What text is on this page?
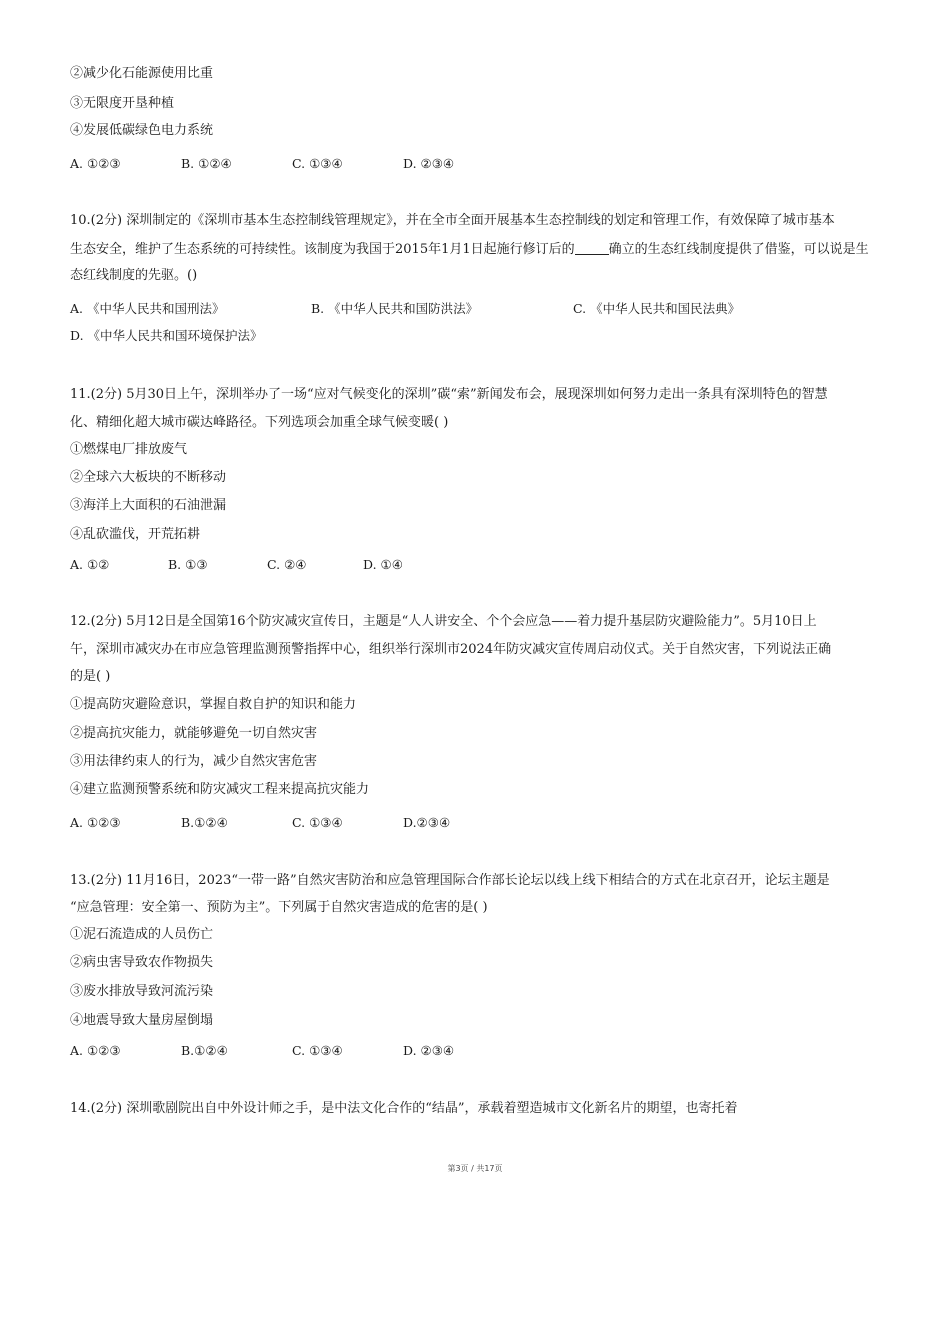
②减少化石能源使用比重
③无限度开垦种植
④发展低碳绿色电力系统
A. ①②③	B. ①②④	C. ①③④	D. ②③④
10.(2分) 深圳制定的《深圳市基本生态控制线管理规定》，并在全市全面开展基本生态控制线的划定和管理工作，有效保障了城市基本
生态安全，维护了生态系统的可持续性。该制度为我国于2015年1月1日起施行修订后的	确立的生态红线制度提供了借鉴，可以说是生
态红线制度的先驱。()
A. 《中华人民共和国刑法》	B. 《中华人民共和国防洪法》	C. 《中华人民共和国民法典》
D. 《中华人民共和国环境保护法》
11.(2分) 5月30日上午，深圳举办了一场“应对气候变化的深圳”碳“索”新闻发布会，展现深圳如何努力走出一条具有深圳特色的智慧
化、精细化超大城市碳达峰路径。下列选项会加重全球气候变暖( )
①燃煤电厂排放废气
②全球六大板块的不断移动
③海洋上大面积的石油泄漏
④乱砍滥伐，开荒拓耕
A. ①②	B. ①③	C. ②④	D. ①④
12.(2分) 5月12日是全国第16个防灾减灾宣传日，主题是“人人讲安全、个个会应急——着力提升基层防灾避险能力”。5月10日上
午，深圳市减灾办在市应急管理监测预警指挥中心，组织举行深圳市2024年防灾减灾宣传周启动仪式。关于自然灾害，下列说法正确
的是( )
①提高防灾避险意识，掌握自救自护的知识和能力
②提高抗灾能力，就能够避免一切自然灾害
③用法律约束人的行为，减少自然灾害危害
④建立监测预警系统和防灾减灾工程来提高抗灾能力
A. ①②③	B.①②④	C. ①③④	D.②③④
13.(2分) 11月16日，2023“一带一路”自然灾害防治和应急管理国际合作部长论坛以线上线下相结合的方式在北京召开，论坛主题是
“应急管理：安全第一、预防为主”。下列属于自然灾害造成的危害的是( )
①泥石流造成的人员伤亡
②病虫害导致农作物损失
③废水排放导致河流污染
④地震导致大量房屋倒塌
A. ①②③	B.①②④	C. ①③④	D. ②③④
14.(2分) 深圳歌剧院出自中外设计师之手，是中法文化合作的“结晶”，承载着塑造城市文化新名片的期望，也寄托着
第3页 / 共17页
